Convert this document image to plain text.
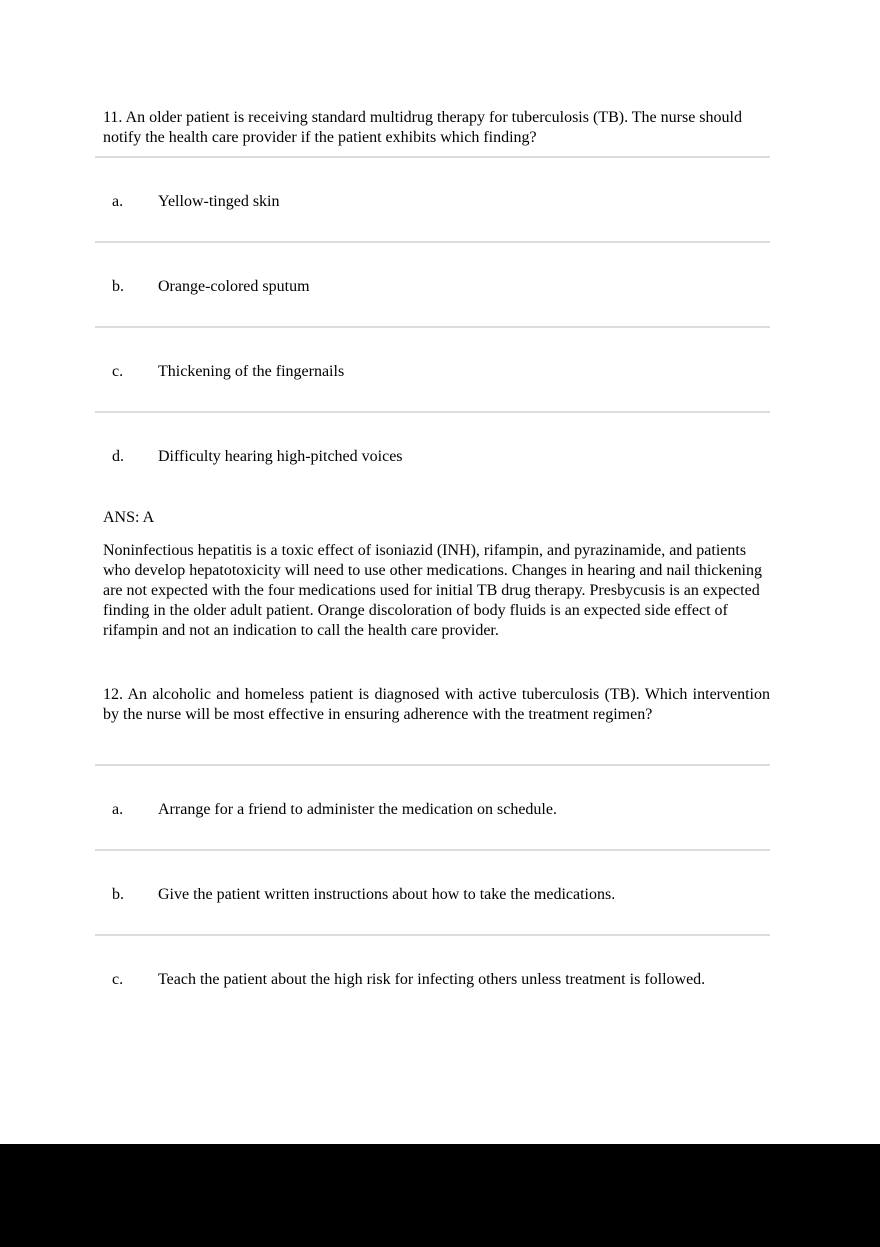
11. An older patient is receiving standard multidrug therapy for tuberculosis (TB). The nurse should notify the health care provider if the patient exhibits which finding?

a.	Yellow-tinged skin
b.	Orange-colored sputum
c.	Thickening of the fingernails
d.	Difficulty hearing high-pitched voices

ANS: A

Noninfectious hepatitis is a toxic effect of isoniazid (INH), rifampin, and pyrazinamide, and patients who develop hepatotoxicity will need to use other medications. Changes in hearing and nail thickening are not expected with the four medications used for initial TB drug therapy. Presbycusis is an expected finding in the older adult patient. Orange discoloration of body fluids is an expected side effect of rifampin and not an indication to call the health care provider.

12. An alcoholic and homeless patient is diagnosed with active tuberculosis (TB). Which intervention by the nurse will be most effective in ensuring adherence with the treatment regimen?

a.	Arrange for a friend to administer the medication on schedule.
b.	Give the patient written instructions about how to take the medications.
c.	Teach the patient about the high risk for infecting others unless treatment is followed.
